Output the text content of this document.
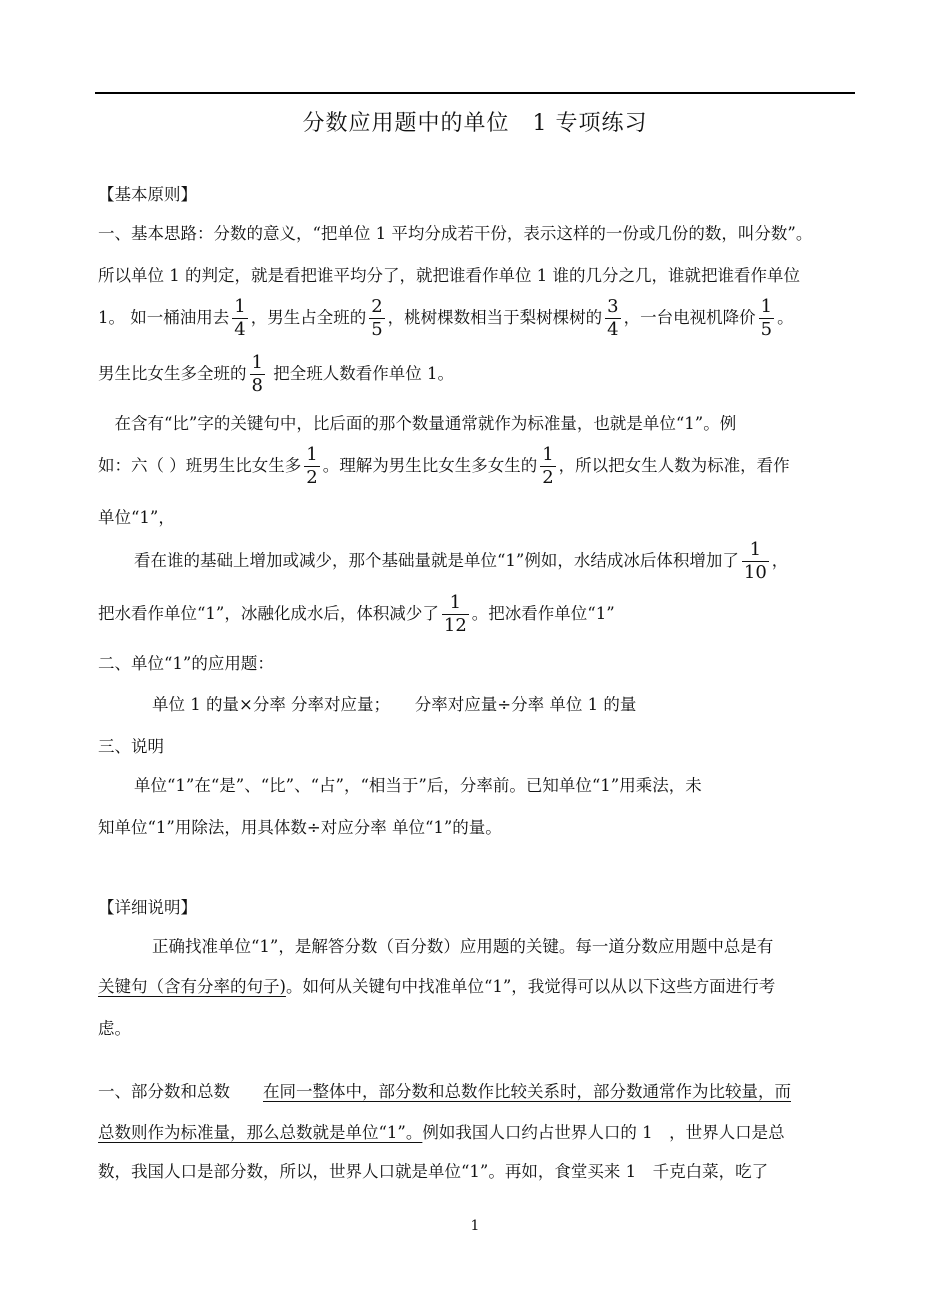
分数应用题中的单位　1 专项练习
【基本原则】
一、基本思路：分数的意义，“把单位 1 平均分成若干份，表示这样的一份或几份的数，叫分数”。
所以单位 1 的判定，就是看把谁平均分了，就把谁看作单位 1 谁的几分之几，谁就把谁看作单位
1。 如一桶油用去 $\frac{1}{4}$ ，男生占全班的 $\frac{2}{5}$ ，桃树棵数相当于梨树棵树的 $\frac{3}{4}$ ，一台电视机降价 $\frac{1}{5}$ 。
男生比女生多全班的 $\frac{1}{8}$ 把全班人数看作单位 1。
　在含有“比”字的关键句中，比后面的那个数量通常就作为标准量，也就是单位“1”。例
如：六（ ）班男生比女生多 $\frac{1}{2}$ 。理解为男生比女生多女生的 $\frac{1}{2}$ ，所以把女生人数为标准，看作
单位“1”，
看在谁的基础上增加或减少，那个基础量就是单位“1”例如，水结成冰后体积增加了 $\frac{1}{10}$ ，
把水看作单位“1”，冰融化成水后，体积减少了 $\frac{1}{12}$ 。把冰看作单位“1”
二、单位“1”的应用题：
单位 1 的量×分率 分率对应量；　　分率对应量÷分率 单位 1 的量
三、说明
单位“1”在“是”、“比”、“占”，“相当于”后，分率前。已知单位“1”用乘法，未
知单位“1”用除法，用具体数÷对应分率 单位“1”的量。
【详细说明】
正确找准单位“1”，是解答分数（百分数）应用题的关键。每一道分数应用题中总是有
关键句（含有分率的句子)。如何从关键句中找准单位“1”，我觉得可以从以下这些方面进行考
虑。
一、部分数和总数　　在同一整体中，部分数和总数作比较关系时，部分数通常作为比较量，而
总数则作为标准量，那么总数就是单位“1”。例如我国人口约占世界人口的 1　，世界人口是总
数，我国人口是部分数，所以，世界人口就是单位“1”。再如，食堂买来 1　千克白菜，吃了
1
